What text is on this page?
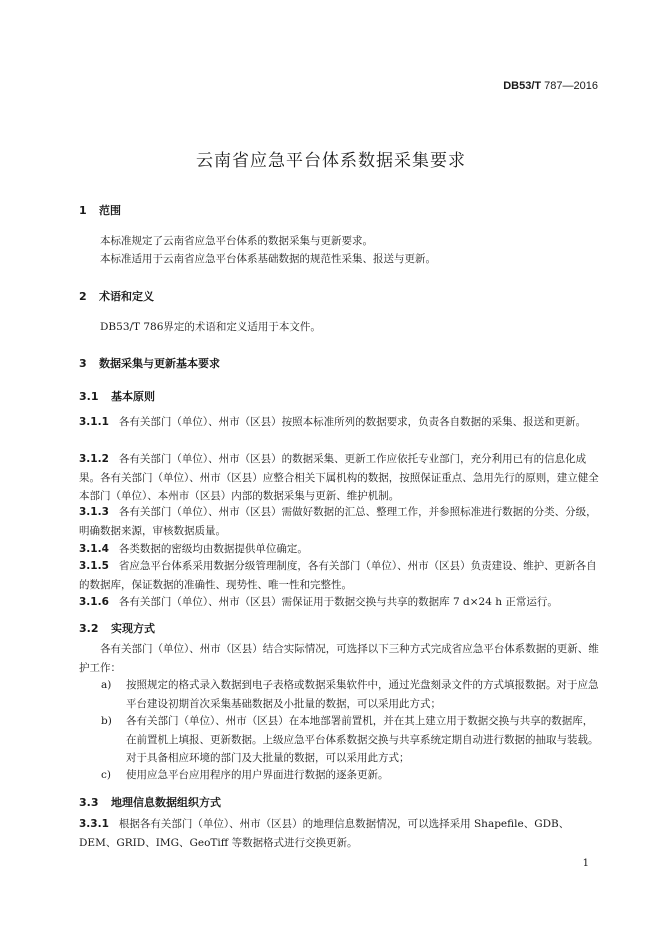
DB53/T 787—2016
云南省应急平台体系数据采集要求
1 范围
本标准规定了云南省应急平台体系的数据采集与更新要求。
本标准适用于云南省应急平台体系基础数据的规范性采集、报送与更新。
2 术语和定义
DB53/T 786界定的术语和定义适用于本文件。
3 数据采集与更新基本要求
3.1 基本原则
3.1.1 各有关部门（单位）、州市（区县）按照本标准所列的数据要求，负责各自数据的采集、报送和更新。
3.1.2 各有关部门（单位）、州市（区县）的数据采集、更新工作应依托专业部门，充分利用已有的信息化成果。各有关部门（单位）、州市（区县）应整合相关下属机构的数据，按照保证重点、急用先行的原则，建立健全本部门（单位）、本州市（区县）内部的数据采集与更新、维护机制。
3.1.3 各有关部门（单位）、州市（区县）需做好数据的汇总、整理工作，并参照标准进行数据的分类、分级，明确数据来源，审核数据质量。
3.1.4 各类数据的密级均由数据提供单位确定。
3.1.5 省应急平台体系采用数据分级管理制度，各有关部门（单位）、州市（区县）负责建设、维护、更新各自的数据库，保证数据的准确性、现势性、唯一性和完整性。
3.1.6 各有关部门（单位）、州市（区县）需保证用于数据交换与共享的数据库 7 d×24 h 正常运行。
3.2 实现方式
各有关部门（单位）、州市（区县）结合实际情况，可选择以下三种方式完成省应急平台体系数据的更新、维护工作：
a) 按照规定的格式录入数据到电子表格或数据采集软件中，通过光盘刻录文件的方式填报数据。对于应急平台建设初期首次采集基础数据及小批量的数据，可以采用此方式；
b) 各有关部门（单位）、州市（区县）在本地部署前置机，并在其上建立用于数据交换与共享的数据库，在前置机上填报、更新数据。上级应急平台体系数据交换与共享系统定期自动进行数据的抽取与装载。对于具备相应环境的部门及大批量的数据，可以采用此方式；
c) 使用应急平台应用程序的用户界面进行数据的逐条更新。
3.3 地理信息数据组织方式
3.3.1 根据各有关部门（单位）、州市（区县）的地理信息数据情况，可以选择采用 Shapefile、GDB、DEM、GRID、IMG、GeoTiff 等数据格式进行交换更新。
1
